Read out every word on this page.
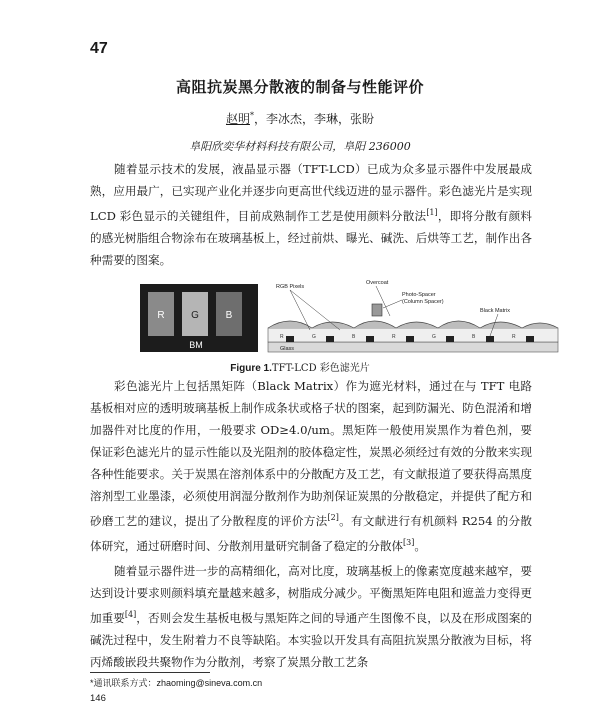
47
高阻抗炭黑分散液的制备与性能评价
赵明*，李冰杰，李琳，张盼
阜阳欣奕华材料科技有限公司，阜阳 236000

随着显示技术的发展，液晶显示器（TFT-LCD）已成为众多显示器件中发展最成熟，应用最广，已实现产业化并逐步向更高世代线迈进的显示器件。彩色滤光片是实现 LCD 彩色显示的关键组件，目前成熟制作工艺是使用颜料分散法[1]，即将分散有颜料的感光树脂组合物涂布在玻璃基板上，经过前烘、曝光、碱洗、后烘等工艺，制作出各种需要的图案。

R	G	B
BM
R	G	B	R	G	B	R
Overcoat
RGB Pixels
Photo-Spacer
(Column Spacer)
Black Matrix
Glass
Figure 1.TFT-LCD 彩色滤光片

彩色滤光片上包括黑矩阵（Black Matrix）作为遮光材料，通过在与 TFT 电路基板相对应的透明玻璃基板上制作成条状或格子状的图案，起到防漏光、防色混淆和增加器件对比度的作用，一般要求 OD≥4.0/um。黑矩阵一般使用炭黑作为着色剂，要保证彩色滤光片的显示性能以及光阻剂的胶体稳定性，炭黑必须经过有效的分散来实现各种性能要求。关于炭黑在溶剂体系中的分散配方及工艺，有文献报道了要获得高黑度溶剂型工业墨漆，必须使用润湿分散剂作为助剂保证炭黑的分散稳定，并提供了配方和砂磨工艺的建议，提出了分散程度的评价方法[2]。有文献进行有机颜料 R254 的分散体研究，通过研磨时间、分散剂用量研究制备了稳定的分散体[3]。

随着显示器件进一步的高精细化，高对比度，玻璃基板上的像素宽度越来越窄，要达到设计要求则颜料填充量越来越多，树脂成分减少。平衡黑矩阵电阻和遮盖力变得更加重要[4]，否则会发生基板电极与黑矩阵之间的导通产生图像不良，以及在形成图案的碱洗过程中，发生附着力不良等缺陷。本实验以开发具有高阻抗炭黑分散液为目标，将丙烯酸嵌段共聚物作为分散剂，考察了炭黑分散工艺条

*通讯联系方式：zhaoming@sineva.com.cn
146
